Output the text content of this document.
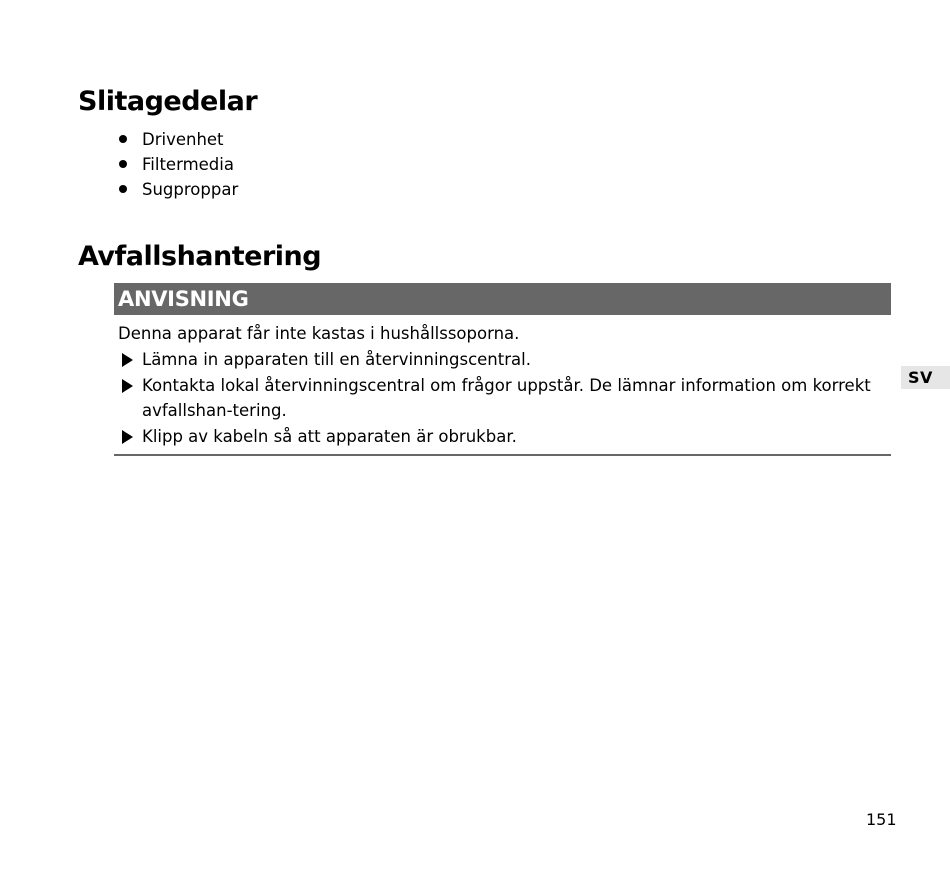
Slitagedelar
Drivenhet
Filtermedia
Sugproppar
Avfallshantering
ANVISNING

Denna apparat får inte kastas i hushållssoporna.

Lämna in apparaten till en återvinningscentral.
Kontakta lokal återvinningscentral om frågor uppstår. De lämnar information om korrekt avfallshan-tering.
Klipp av kabeln så att apparaten är obrukbar.
SV
151
